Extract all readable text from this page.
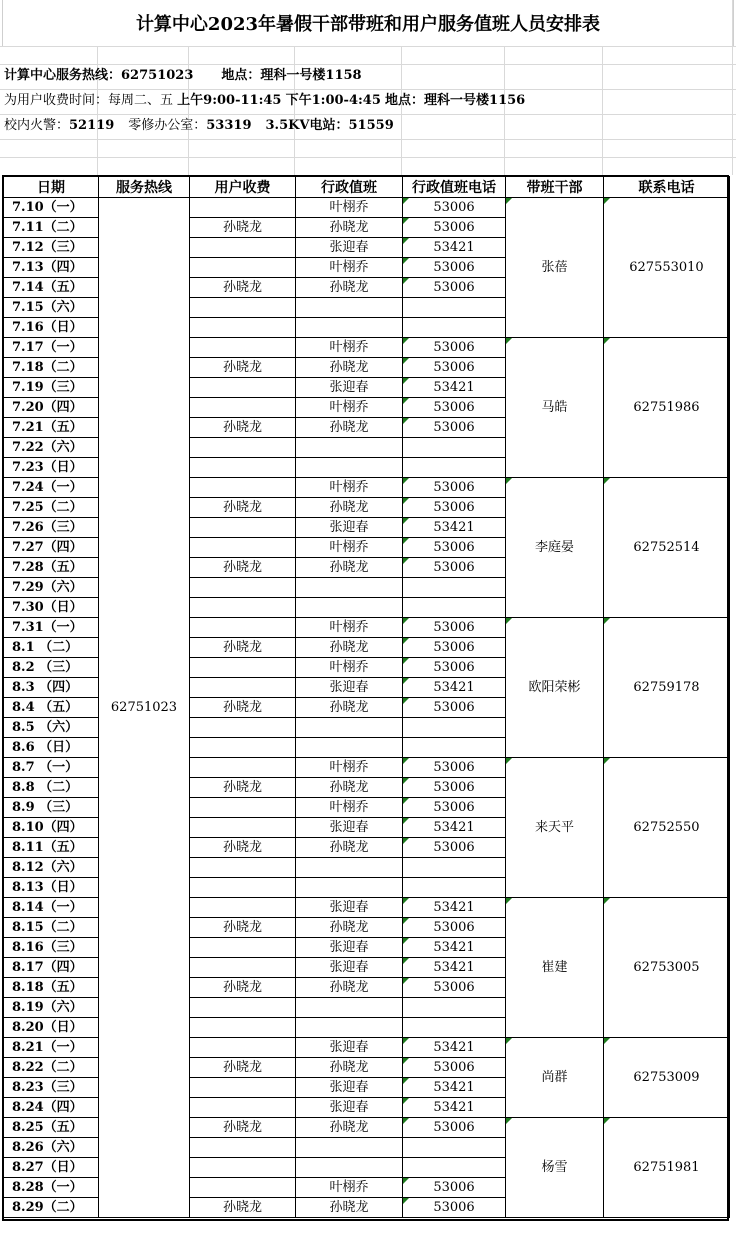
计算中心2023年暑假干部带班和用户服务值班人员安排表
计算中心服务热线：62751023 地点：理科一号楼1158
为用户收费时间：每周二、五 上午9:00-11:45 下午1:00-4:45 地点：理科一号楼1156
校内火警：52119 零修办公室：53319 3.5KV电站：51559
日期	服务热线	用户收费	行政值班	行政值班电话	带班干部	联系电话
7.10（一）	62751023		叶栩乔	53006	张蓓	627553010
7.11（二）		孙晓龙	孙晓龙	53006		
7.12（三）			张迎春	53421		
7.13（四）			叶栩乔	53006		
7.14（五）		孙晓龙	孙晓龙	53006		
7.15（六）						
7.16（日）						
7.17（一）			叶栩乔	53006	马皓	62751986
7.18（二）		孙晓龙	孙晓龙	53006		
7.19（三）			张迎春	53421		
7.20（四）			叶栩乔	53006		
7.21（五）		孙晓龙	孙晓龙	53006		
7.22（六）						
7.23（日）						
7.24（一）			叶栩乔	53006	李庭晏	62752514
7.25（二）		孙晓龙	孙晓龙	53006		
7.26（三）			张迎春	53421		
7.27（四）			叶栩乔	53006		
7.28（五）		孙晓龙	孙晓龙	53006		
7.29（六）						
7.30（日）						
7.31（一）			叶栩乔	53006	欧阳荣彬	62759178
8.1 （二）		孙晓龙	孙晓龙	53006		
8.2 （三）			叶栩乔	53006		
8.3 （四）			张迎春	53421		
8.4 （五）		孙晓龙	孙晓龙	53006		
8.5 （六）						
8.6 （日）						
8.7 （一）			叶栩乔	53006	来天平	62752550
8.8 （二）		孙晓龙	孙晓龙	53006		
8.9 （三）			叶栩乔	53006		
8.10（四）			张迎春	53421		
8.11（五）		孙晓龙	孙晓龙	53006		
8.12（六）						
8.13（日）						
8.14（一）			张迎春	53421	崔建	62753005
8.15（二）		孙晓龙	孙晓龙	53006		
8.16（三）			张迎春	53421		
8.17（四）			张迎春	53421		
8.18（五）		孙晓龙	孙晓龙	53006		
8.19（六）						
8.20（日）						
8.21（一）			张迎春	53421	尚群	62753009
8.22（二）		孙晓龙	孙晓龙	53006		
8.23（三）			张迎春	53421		
8.24（四）			张迎春	53421		
8.25（五）		孙晓龙	孙晓龙	53006	杨雪	62751981
8.26（六）						
8.27（日）						
8.28（一）			叶栩乔	53006		
8.29（二）		孙晓龙	孙晓龙	53006		
